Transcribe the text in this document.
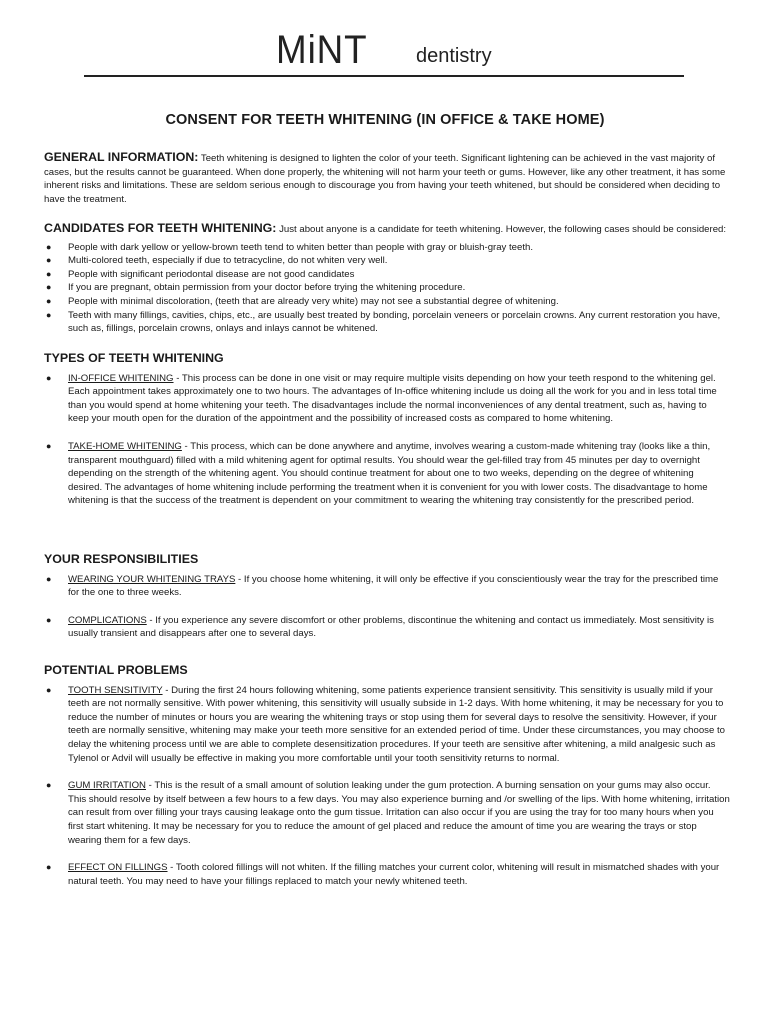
MiNT dentistry
CONSENT FOR TEETH WHITENING (IN OFFICE & TAKE HOME)

GENERAL INFORMATION: Teeth whitening is designed to lighten the color of your teeth. Significant lightening can be achieved in the vast majority of cases, but the results cannot be guaranteed. When done properly, the whitening will not harm your teeth or gums. However, like any other treatment, it has some inherent risks and limitations. These are seldom serious enough to discourage you from having your teeth whitened, but should be considered when deciding to have the treatment.

CANDIDATES FOR TEETH WHITENING: Just about anyone is a candidate for teeth whitening. However, the following cases should be considered:

● People with dark yellow or yellow-brown teeth tend to whiten better than people with gray or bluish-gray teeth.
● Multi-colored teeth, especially if due to tetracycline, do not whiten very well.
● People with significant periodontal disease are not good candidates
● If you are pregnant, obtain permission from your doctor before trying the whitening procedure.
● People with minimal discoloration, (teeth that are already very white) may not see a substantial degree of whitening.
● Teeth with many fillings, cavities, chips, etc., are usually best treated by bonding, porcelain veneers or porcelain crowns. Any current restoration you have, such as, fillings, porcelain crowns, onlays and inlays cannot be whitened.
TYPES OF TEETH WHITENING
● IN-OFFICE WHITENING - This process can be done in one visit or may require multiple visits depending on how your teeth respond to the whitening gel. Each appointment takes approximately one to two hours. The advantages of In-office whitening include us doing all the work for you and in less total time than you would spend at home whitening your teeth. The disadvantages include the normal inconveniences of any dental treatment, such as, having to keep your mouth open for the duration of the appointment and the possibility of increased costs as compared to home whitening.
● TAKE-HOME WHITENING - This process, which can be done anywhere and anytime, involves wearing a custom-made whitening tray (looks like a thin, transparent mouthguard) filled with a mild whitening agent for optimal results. You should wear the gel-filled tray from 45 minutes per day to overnight depending on the strength of the whitening agent. You should continue treatment for about one to two weeks, depending on the degree of whitening desired. The advantages of home whitening include performing the treatment when it is convenient for you with lower costs. The disadvantage to home whitening is that the success of the treatment is dependent on your commitment to wearing the whitening tray consistently for the prescribed period.
YOUR RESPONSIBILITIES
● WEARING YOUR WHITENING TRAYS - If you choose home whitening, it will only be effective if you conscientiously wear the tray for the prescribed time for the one to three weeks.
● COMPLICATIONS - If you experience any severe discomfort or other problems, discontinue the whitening and contact us immediately. Most sensitivity is usually transient and disappears after one to several days.
POTENTIAL PROBLEMS
● TOOTH SENSITIVITY - During the first 24 hours following whitening, some patients experience transient sensitivity. This sensitivity is usually mild if your teeth are not normally sensitive. With power whitening, this sensitivity will usually subside in 1-2 days. With home whitening, it may be necessary for you to reduce the number of minutes or hours you are wearing the whitening trays or stop using them for several days to resolve the sensitivity. However, if your teeth are normally sensitive, whitening may make your teeth more sensitive for an extended period of time. Under these circumstances, you may choose to delay the whitening process until we are able to complete desensitization procedures. If your teeth are sensitive after whitening, a mild analgesic such as Tylenol or Advil will usually be effective in making you more comfortable until your tooth sensitivity returns to normal.
● GUM IRRITATION - This is the result of a small amount of solution leaking under the gum protection. A burning sensation on your gums may also occur. This should resolve by itself between a few hours to a few days. You may also experience burning and /or swelling of the lips. With home whitening, irritation can result from over filling your trays causing leakage onto the gum tissue. Irritation can also occur if you are using the tray for too many hours when you first start whitening. It may be necessary for you to reduce the amount of gel placed and reduce the amount of time you are wearing the trays or stop wearing them for a few days.
● EFFECT ON FILLINGS - Tooth colored fillings will not whiten. If the filling matches your current color, whitening will result in mismatched shades with your natural teeth. You may need to have your fillings replaced to match your newly whitened teeth.
